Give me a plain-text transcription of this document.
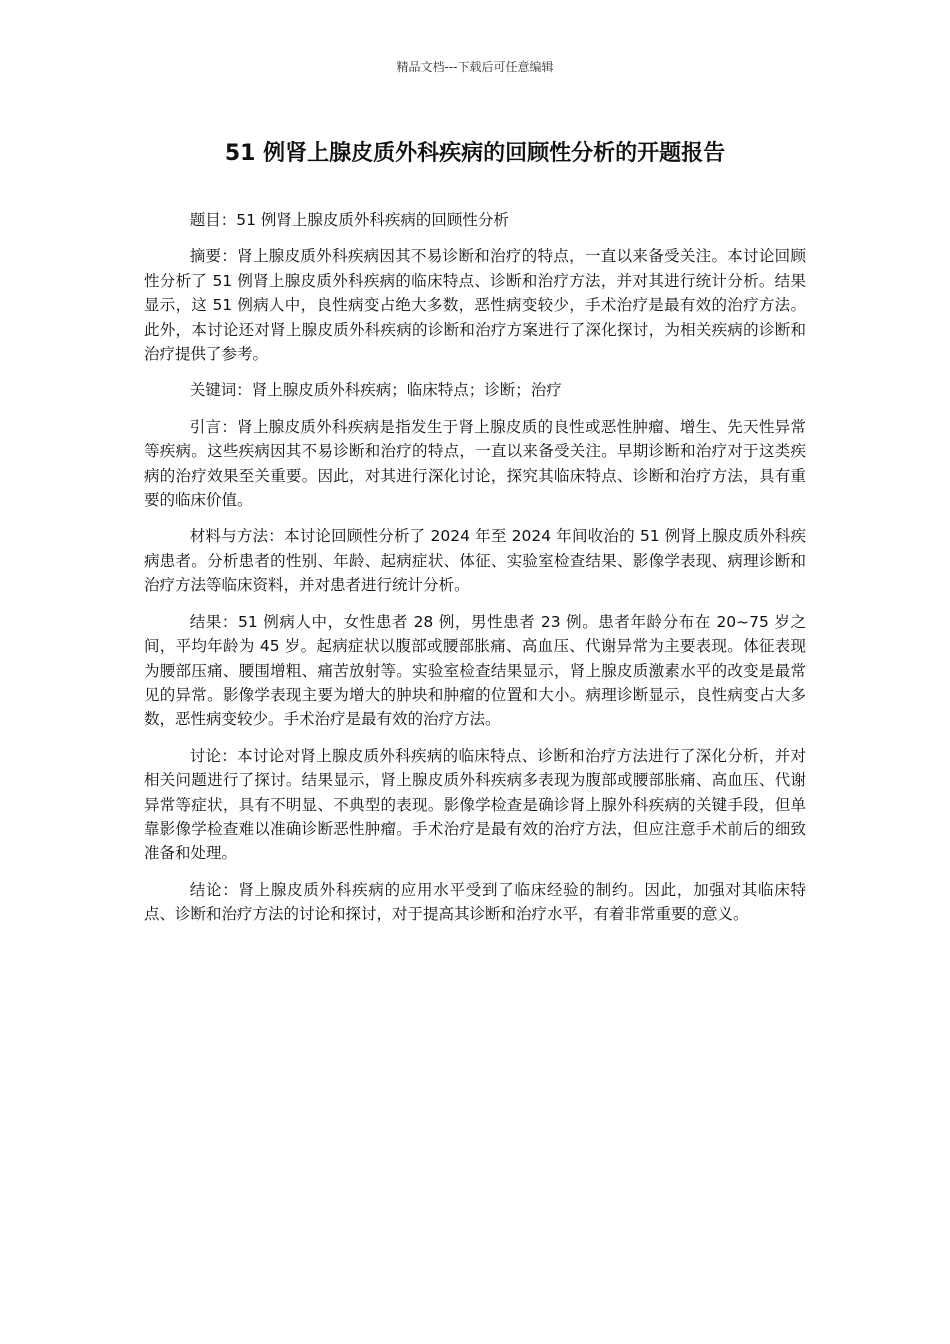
精品文档---下载后可任意编辑
51 例肾上腺皮质外科疾病的回顾性分析的开题报告

题目：51 例肾上腺皮质外科疾病的回顾性分析

摘要：肾上腺皮质外科疾病因其不易诊断和治疗的特点，一直以来备受关注。本讨论回顾性分析了 51 例肾上腺皮质外科疾病的临床特点、诊断和治疗方法，并对其进行统计分析。结果显示，这 51 例病人中，良性病变占绝大多数，恶性病变较少，手术治疗是最有效的治疗方法。此外，本讨论还对肾上腺皮质外科疾病的诊断和治疗方案进行了深化探讨，为相关疾病的诊断和治疗提供了参考。

关键词：肾上腺皮质外科疾病；临床特点；诊断；治疗

引言：肾上腺皮质外科疾病是指发生于肾上腺皮质的良性或恶性肿瘤、增生、先天性异常等疾病。这些疾病因其不易诊断和治疗的特点，一直以来备受关注。早期诊断和治疗对于这类疾病的治疗效果至关重要。因此，对其进行深化讨论，探究其临床特点、诊断和治疗方法，具有重要的临床价值。

材料与方法：本讨论回顾性分析了 2024 年至 2024 年间收治的 51 例肾上腺皮质外科疾病患者。分析患者的性别、年龄、起病症状、体征、实验室检查结果、影像学表现、病理诊断和治疗方法等临床资料，并对患者进行统计分析。

结果：51 例病人中，女性患者 28 例，男性患者 23 例。患者年龄分布在 20~75 岁之间，平均年龄为 45 岁。起病症状以腹部或腰部胀痛、高血压、代谢异常为主要表现。体征表现为腰部压痛、腰围增粗、痛苦放射等。实验室检查结果显示，肾上腺皮质激素水平的改变是最常见的异常。影像学表现主要为增大的肿块和肿瘤的位置和大小。病理诊断显示，良性病变占大多数，恶性病变较少。手术治疗是最有效的治疗方法。

讨论：本讨论对肾上腺皮质外科疾病的临床特点、诊断和治疗方法进行了深化分析，并对相关问题进行了探讨。结果显示，肾上腺皮质外科疾病多表现为腹部或腰部胀痛、高血压、代谢异常等症状，具有不明显、不典型的表现。影像学检查是确诊肾上腺外科疾病的关键手段，但单靠影像学检查难以准确诊断恶性肿瘤。手术治疗是最有效的治疗方法，但应注意手术前后的细致准备和处理。

结论：肾上腺皮质外科疾病的应用水平受到了临床经验的制约。因此，加强对其临床特点、诊断和治疗方法的讨论和探讨，对于提高其诊断和治疗水平，有着非常重要的意义。
